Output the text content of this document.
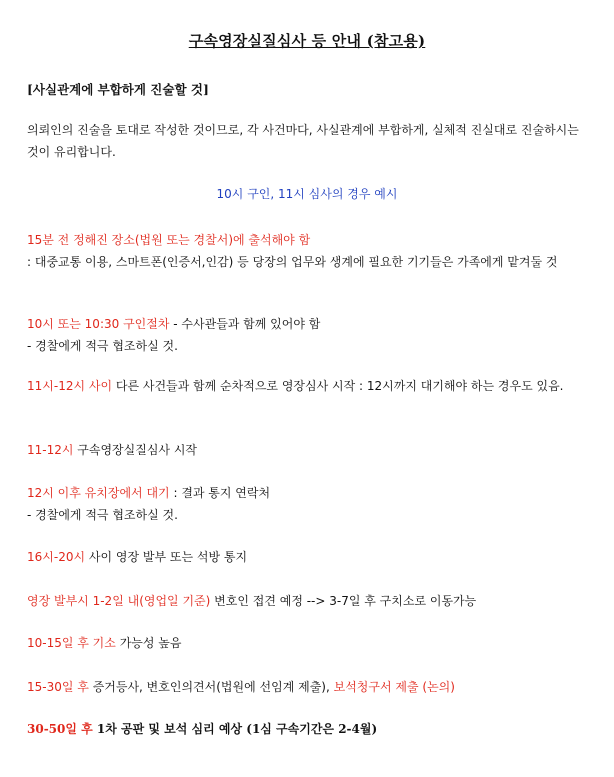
구속영장실질심사 등 안내 (참고용)
[사실관계에 부합하게 진술할 것]
의뢰인의 진술을 토대로 작성한 것이므로, 각 사건마다, 사실관계에 부합하게, 실체적 진실대로 진술하시는 것이 유리합니다.
10시 구인, 11시 심사의 경우 예시
15분 전 정해진 장소(법원 또는 경찰서)에 출석해야 함
: 대중교통 이용, 스마트폰(인증서,인감) 등 당장의 업무와 생계에 필요한 기기들은 가족에게 맡겨둘 것
10시 또는 10:30 구인절차 - 수사관들과 함께 있어야 함
- 경찰에게 적극 협조하실 것.
11시-12시 사이 다른 사건들과 함께 순차적으로 영장심사 시작 : 12시까지 대기해야 하는 경우도 있음.
11-12시 구속영장실질심사 시작
12시 이후 유치장에서 대기 : 결과 통지 연락처
- 경찰에게 적극 협조하실 것.
16시-20시 사이 영장 발부 또는 석방 통지
영장 발부시 1-2일 내(영업일 기준) 변호인 접견 예정 --> 3-7일 후 구치소로 이동가능
10-15일 후 기소 가능성 높음
15-30일 후 증거등사, 변호인의견서(법원에 선임계 제출), 보석청구서 제출 (논의)
30-50일 후 1차 공판 및 보석 심리 예상 (1심 구속기간은 2-4월)
